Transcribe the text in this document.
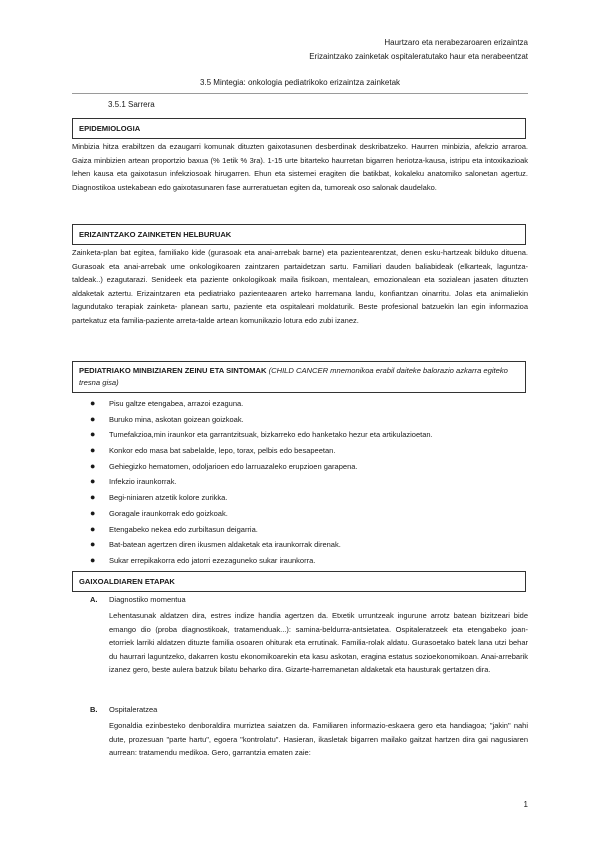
Haurtzaro eta nerabezaroaren erizaintza
Erizaintzako zainketak ospitaleratutako haur eta nerabeentzat
3.5 Mintegia: onkologia pediatrikoko erizaintza zainketak
3.5.1 Sarrera
EPIDEMIOLOGIA

Minbizia hitza erabiltzen da ezaugarri komunak dituzten gaixotasunen desberdinak deskribatzeko. Haurren minbizia, afekzio arraroa. Gaiza minbizien artean proportzio baxua (% 1etik % 3ra). 1-15 urte bitarteko haurretan bigarren heriotza-kausa, istripu eta intoxikazioak lehen kausa eta gaixotasun infekziosoak hirugarren. Ehun eta sistemei eragiten die batikbat, kokaleku anatomiko salonetan agertuz. Diagnostikoa ustekabean edo gaixotasunaren fase aurreratuetan egiten da, tumoreak oso salonak daudelako.

ERIZAINTZAKO ZAINKETEN HELBURUAK

Zainketa-plan bat egitea, familiako kide (gurasoak eta anai-arrebak barne) eta pazientearentzat, denen esku-hartzeak bilduko dituena. Gurasoak eta anai-arrebak ume onkologikoaren zaintzaren partaidetzan sartu. Familiari dauden baliabideak (elkarteak, laguntza-taldeak..) ezagutarazi. Senideek eta paziente onkologikoak maila fisikoan, mentalean, emozionalean eta sozialean jasaten dituzten aldaketak aztertu. Erizaintzaren eta pediatriako pazienteaaren arteko harremana landu, konfiantzan oinarritu. Jolas eta animaliekin lagundutako terapiak zainketa- planean sartu, paziente eta ospitaleari moldaturik. Beste profesional batzuekin lan egin informazioa partekatuz eta familia-paziente arreta-talde artean komunikazio lotura edo zubi izanez.

PEDIATRIAKO MINBIZIAREN ZEINU ETA SINTOMAK (CHILD CANCER mnemonikoa erabil daiteke balorazio azkarra egiteko tresna gisa)
● Pisu galtze etengabea, arrazoi ezaguna.
● Buruko mina, askotan goizean goizkoak.
● Tumefakzioa,min iraunkor eta garrantzitsuak, bizkarreko edo hanketako hezur eta artikulazioetan.
● Konkor edo masa bat sabelalde, lepo, torax, pelbis edo besapeetan.
● Gehiegizko hematomen, odoljarioen edo larruazaleko erupzioen garapena.
● Infekzio iraunkorrak.
● Begi-niniaren atzetik kolore zurikka.
● Goragale iraunkorrak edo goizkoak.
● Etengabeko nekea edo zurbiltasun deigarria.
● Bat-batean agertzen diren ikusmen aldaketak eta iraunkorrak direnak.
● Sukar errepikakorra edo jatorri ezezaguneko sukar iraunkorra.
GAIXOALDIAREN ETAPAK
A. Diagnostiko momentua

Lehentasunak aldatzen dira, estres indize handia agertzen da. Etxetik urruntzeak ingurune arrotz batean bizitzeari bide emango dio (proba diagnostikoak, tratamenduak...): samina-beldurra-antsietatea. Ospitaleratzeek eta etengabeko joan-etorriek larriki aldatzen dituzte familia osoaren ohiturak eta errutinak. Familia-rolak aldatu. Gurasoetako batek lana utzi behar du haurrari laguntzeko, dakarren kostu ekonomikoarekin eta kasu askotan, eragina estatus sozioekonomikoan. Anai-arrebarik izanez gero, beste aulera batzuk bilatu beharko dira. Gizarte-harremanetan aldaketak eta hausturak gertatzen dira.

B. Ospitaleratzea

Egonaldia ezinbesteko denboraldira murriztea saiatzen da. Familiaren informazio-eskaera gero eta handiagoa; "jakin" nahi dute, prozesuan "parte hartu", egoera "kontrolatu". Hasieran, ikasletak bigarren mailako gaitzat hartzen dira gai nagusiaren aurrean: tratamendu medikoa. Gero, garrantzia ematen zaie:

1
